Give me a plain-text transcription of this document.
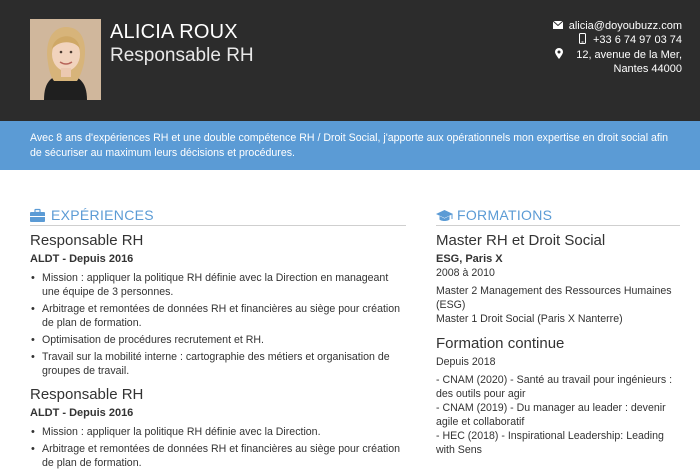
ALICIA ROUX
Responsable RH
alicia@doyoubuzz.com
+33 6 74 97 03 74
12, avenue de la Mer, Nantes 44000
Avec 8 ans d'expériences RH et une double compétence RH / Droit Social, j'apporte aux opérationnels mon expertise en droit social afin de sécuriser au maximum leurs décisions et procédures.
EXPÉRIENCES
Responsable RH
ALDT - Depuis 2016
• Mission : appliquer la politique RH définie avec la Direction en manageant une équipe de 3 personnes.
• Arbitrage et remontées de données RH et financières au siège pour création de plan de formation.
• Optimisation de procédures recrutement et RH.
• Travail sur la mobilité interne : cartographie des métiers et organisation de groupes de travail.
Responsable RH
ALDT - Depuis 2016
• Mission : appliquer la politique RH définie avec la Direction.
• Arbitrage et remontées de données RH et financières au siège pour création de plan de formation.
FORMATIONS
Master RH et Droit Social
ESG, Paris X
2008 à 2010
Master 2 Management des Ressources Humaines (ESG)
Master 1 Droit Social (Paris X Nanterre)
Formation continue
Depuis 2018
- CNAM (2020) - Santé au travail pour ingénieurs : des outils pour agir
- CNAM (2019) - Du manager au leader : devenir agile et collaboratif
- HEC (2018) - Inspirational Leadership: Leading with Sens
